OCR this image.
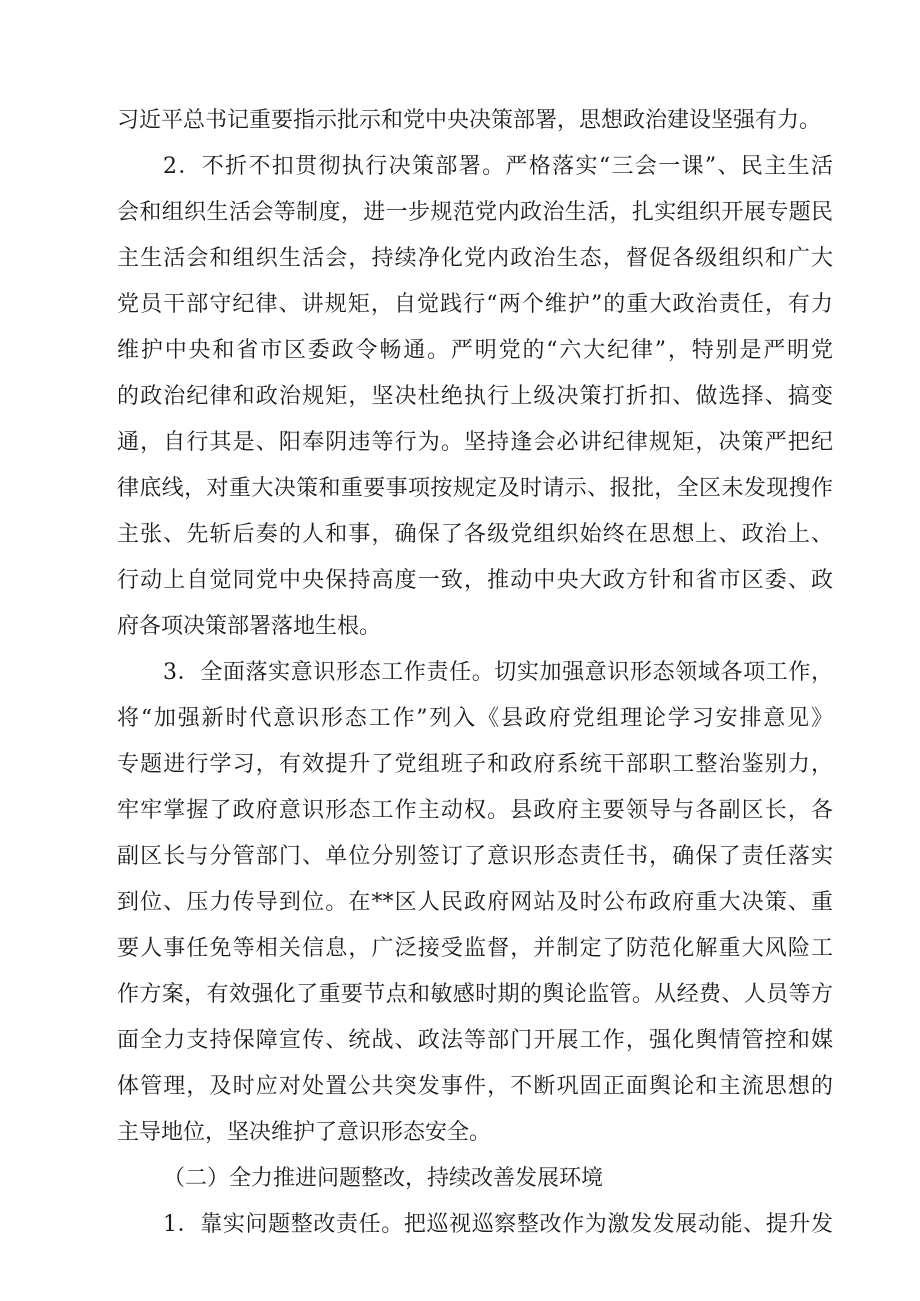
习近平总书记重要指示批示和党中央决策部署，思想政治建设坚强有力。
2．不折不扣贯彻执行决策部署。严格落实“三会一课”、民主生活
会和组织生活会等制度，进一步规范党内政治生活，扎实组织开展专题民
主生活会和组织生活会，持续净化党内政治生态，督促各级组织和广大
党员干部守纪律、讲规矩，自觉践行“两个维护”的重大政治责任，有力
维护中央和省市区委政令畅通。严明党的“六大纪律”，特别是严明党
的政治纪律和政治规矩，坚决杜绝执行上级决策打折扣、做选择、搞变
通，自行其是、阳奉阴违等行为。坚持逢会必讲纪律规矩，决策严把纪
律底线，对重大决策和重要事项按规定及时请示、报批，全区未发现搜作
主张、先斩后奏的人和事，确保了各级党组织始终在思想上、政治上、
行动上自觉同党中央保持高度一致，推动中央大政方针和省市区委、政
府各项决策部署落地生根。
3．全面落实意识形态工作责任。切实加强意识形态领域各项工作，
将“加强新时代意识形态工作”列入《县政府党组理论学习安排意见》
专题进行学习，有效提升了党组班子和政府系统干部职工整治鉴别力，
牢牢掌握了政府意识形态工作主动权。县政府主要领导与各副区长，各
副区长与分管部门、单位分别签订了意识形态责任书，确保了责任落实
到位、压力传导到位。在**区人民政府网站及时公布政府重大决策、重
要人事任免等相关信息，广泛接受监督，并制定了防范化解重大风险工
作方案，有效强化了重要节点和敏感时期的舆论监管。从经费、人员等方
面全力支持保障宣传、统战、政法等部门开展工作，强化舆情管控和媒
体管理，及时应对处置公共突发事件，不断巩固正面舆论和主流思想的
主导地位，坚决维护了意识形态安全。
（二）全力推进问题整改，持续改善发展环境
1．靠实问题整改责任。把巡视巡察整改作为激发发展动能、提升发
